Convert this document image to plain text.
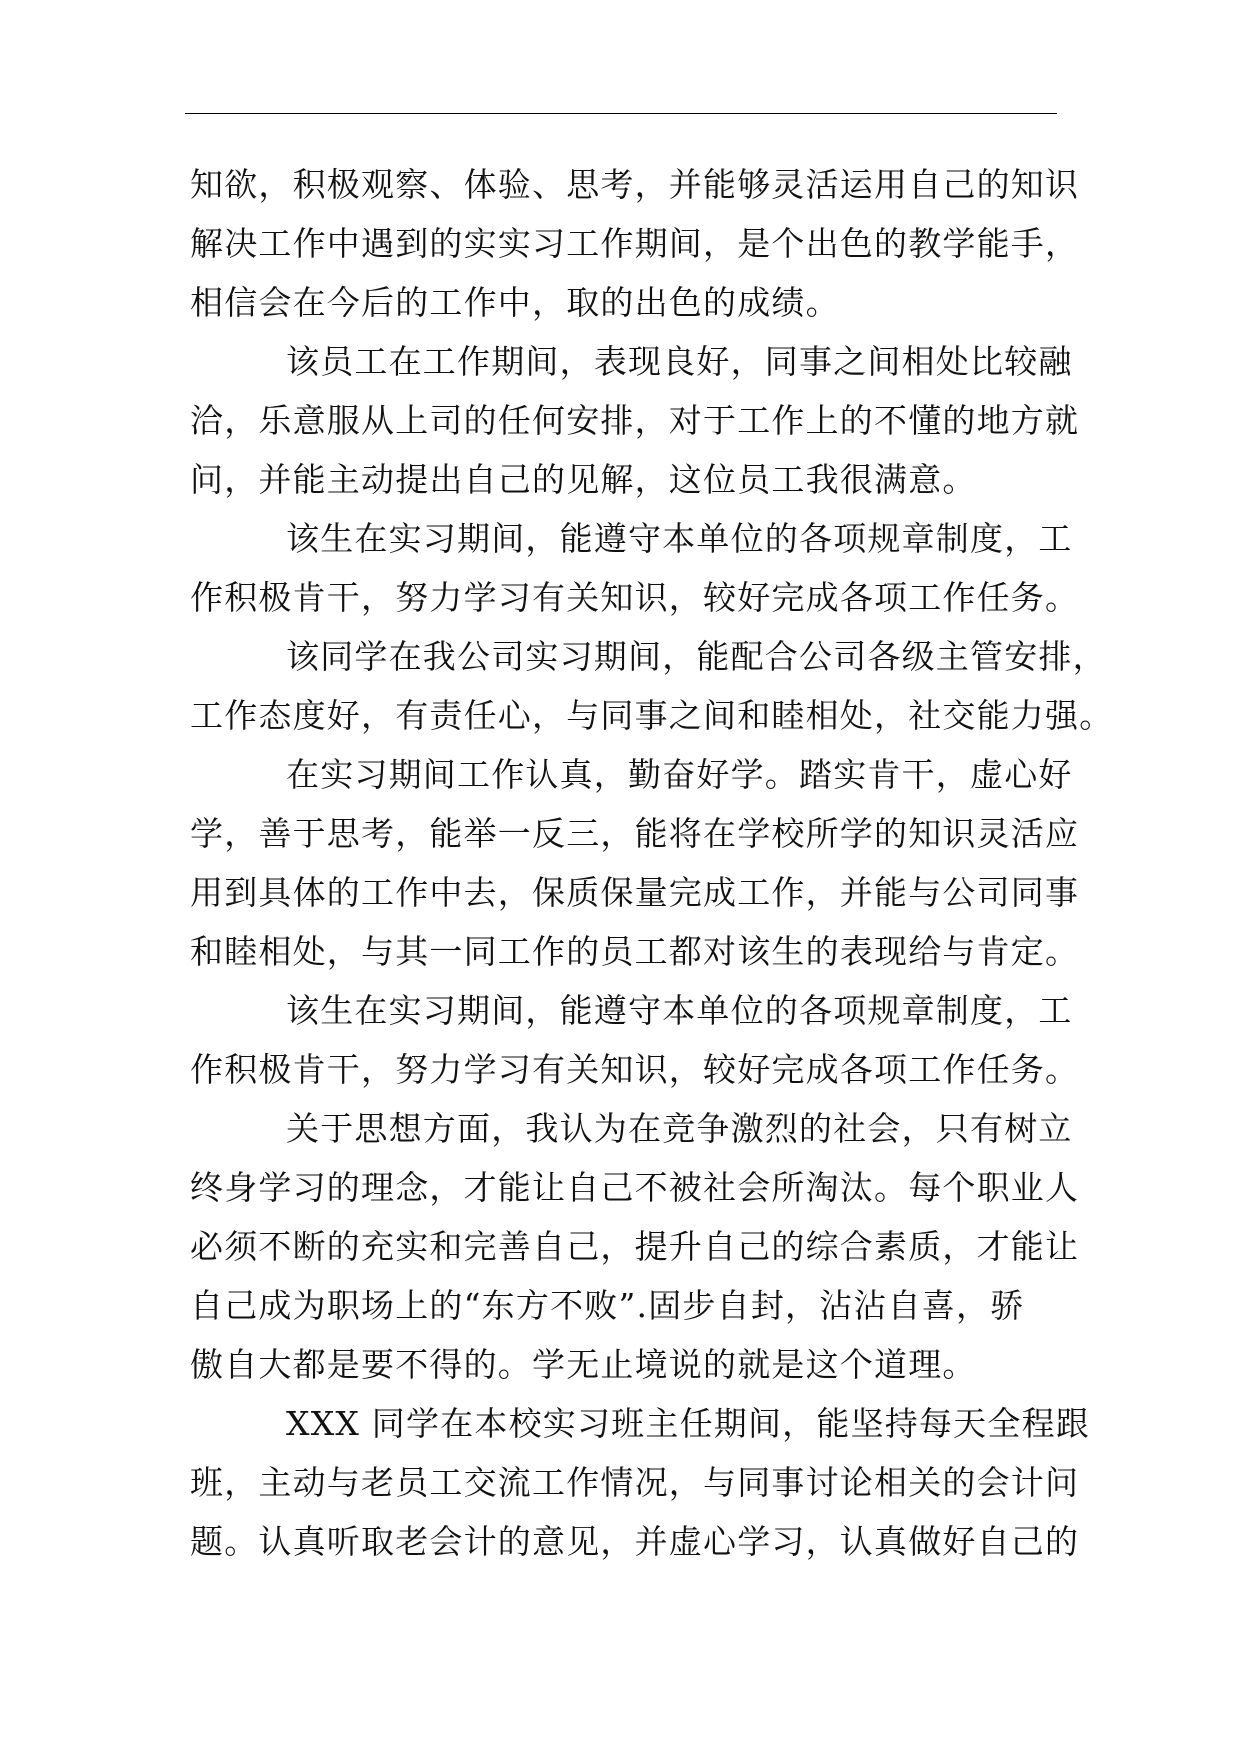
知欲，积极观察、体验、思考，并能够灵活运用自己的知识
解决工作中遇到的实实习工作期间，是个出色的教学能手，
相信会在今后的工作中，取的出色的成绩。
该员工在工作期间，表现良好，同事之间相处比较融
洽，乐意服从上司的任何安排，对于工作上的不懂的地方就
问，并能主动提出自己的见解，这位员工我很满意。
该生在实习期间，能遵守本单位的各项规章制度，工
作积极肯干，努力学习有关知识，较好完成各项工作任务。
该同学在我公司实习期间，能配合公司各级主管安排，
工作态度好，有责任心，与同事之间和睦相处，社交能力强。
在实习期间工作认真，勤奋好学。踏实肯干，虚心好
学，善于思考，能举一反三，能将在学校所学的知识灵活应
用到具体的工作中去，保质保量完成工作，并能与公司同事
和睦相处，与其一同工作的员工都对该生的表现给与肯定。
该生在实习期间，能遵守本单位的各项规章制度，工
作积极肯干，努力学习有关知识，较好完成各项工作任务。
关于思想方面，我认为在竞争激烈的社会，只有树立
终身学习的理念，才能让自己不被社会所淘汰。每个职业人
必须不断的充实和完善自己，提升自己的综合素质，才能让
自己成为职场上的“东方不败”.固步自封，沾沾自喜，骄
傲自大都是要不得的。学无止境说的就是这个道理。
XXX 同学在本校实习班主任期间，能坚持每天全程跟
班，主动与老员工交流工作情况，与同事讨论相关的会计问
题。认真听取老会计的意见，并虚心学习，认真做好自己的
